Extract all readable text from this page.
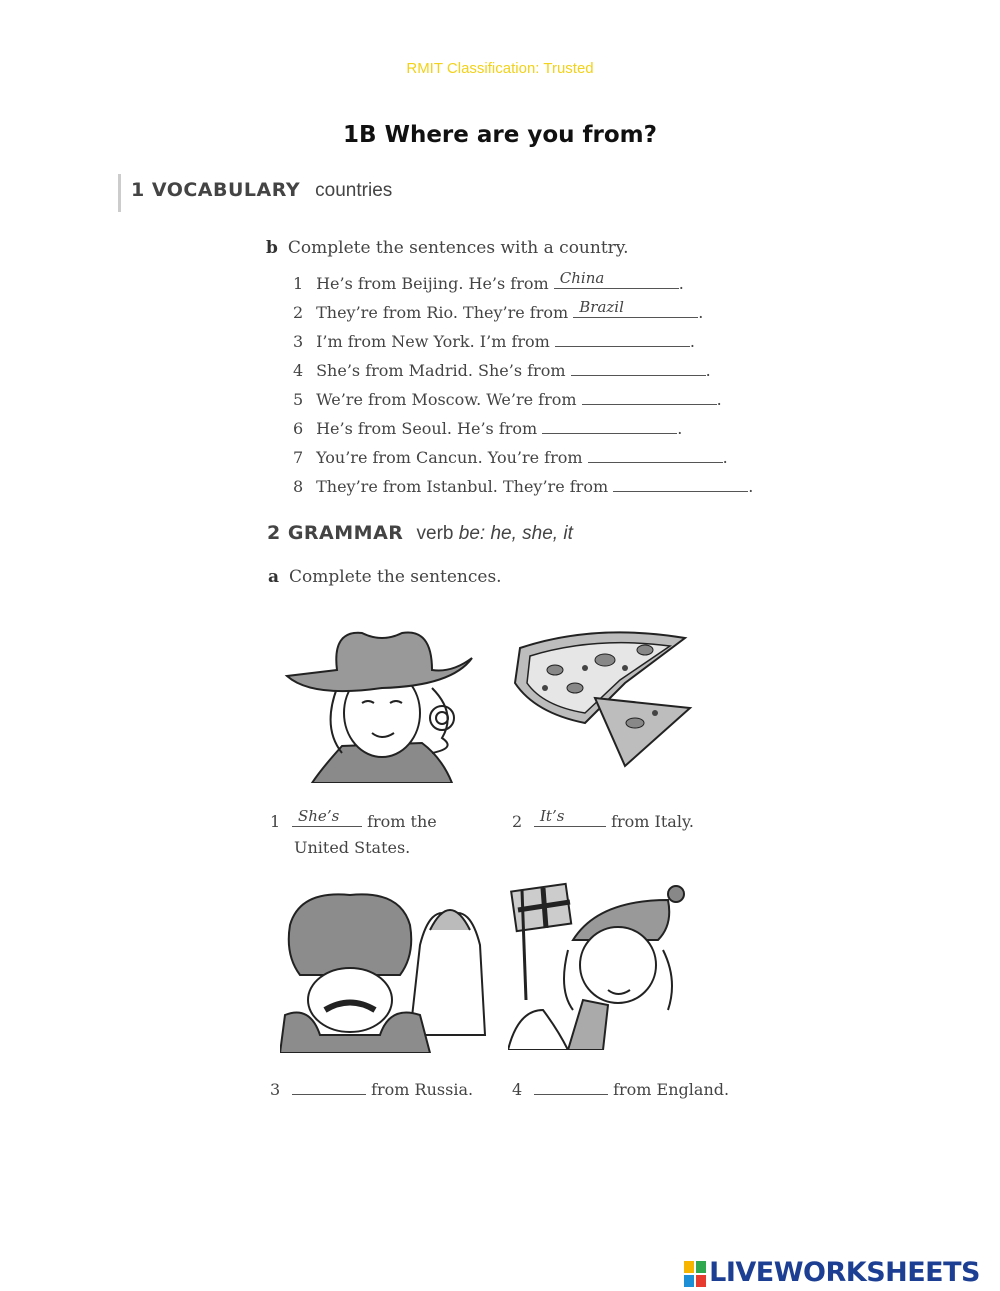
RMIT Classification: Trusted
1B Where are you from?
1 VOCABULARY countries
b Complete the sentences with a country.
1 He’s from Beijing. He’s from China	.
2 They’re from Rio. They’re from Brazil	.
3 I’m from New York. I’m from	.
4 She’s from Madrid. She’s from	.
5 We’re from Moscow. We’re from	.
6 He’s from Seoul. He’s from	.
7 You’re from Cancun. You’re from	.
8 They’re from Istanbul. They’re from	.
2 GRAMMAR verb be: he, she, it
a Complete the sentences.
1 She’s from the
United States.
2 It’s	from Italy.
3	from Russia. 4	from England.
LIVEWORKSHEETS
